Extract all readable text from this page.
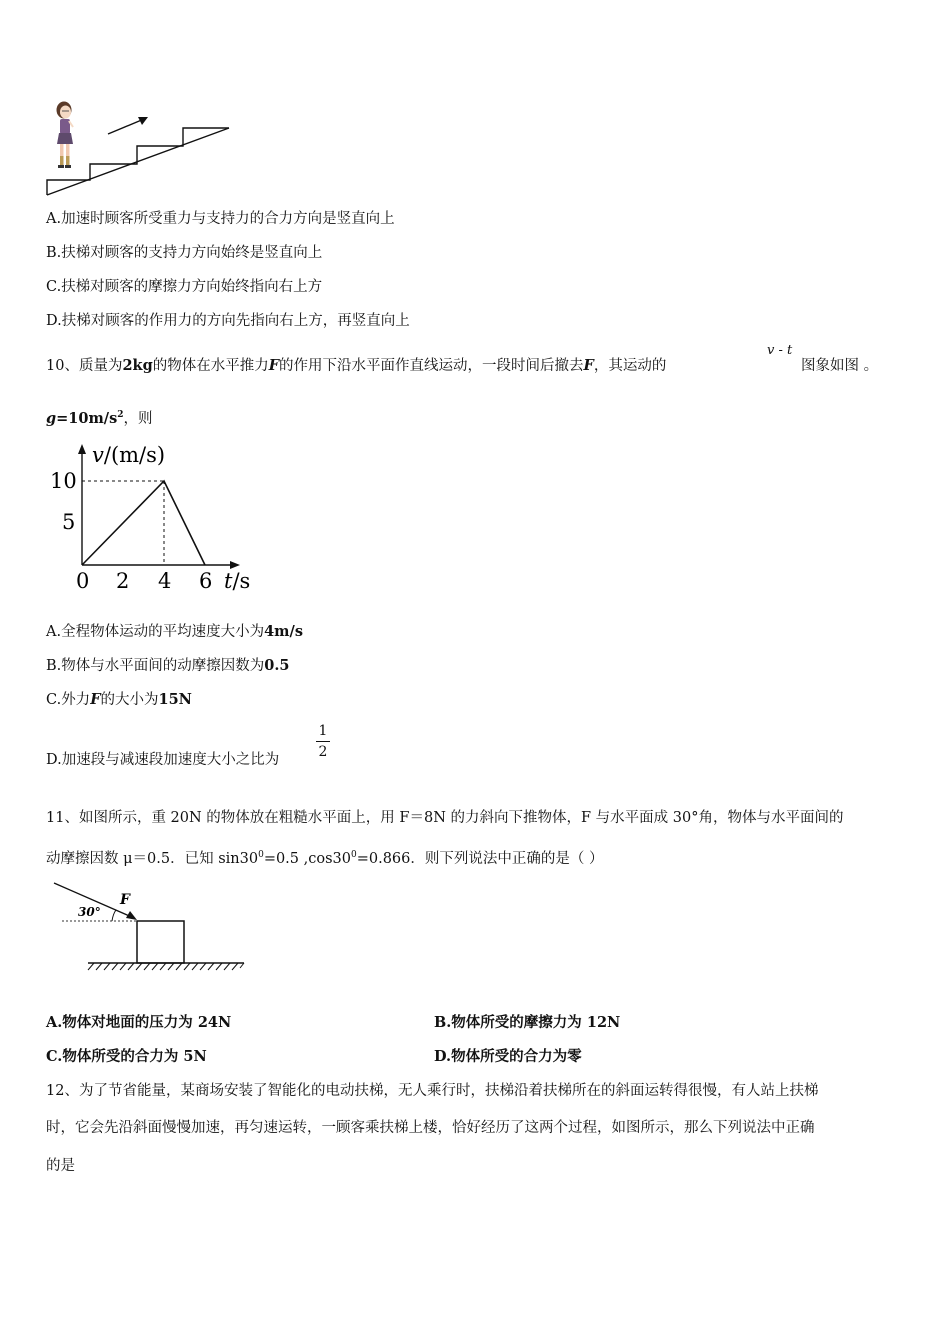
A.加速时顾客所受重力与支持力的合力方向是竖直向上
B.扶梯对顾客的支持力方向始终是竖直向上
C.扶梯对顾客的摩擦力方向始终指向右上方
D.扶梯对顾客的作用力的方向先指向右上方，再竖直向上
10、质量为2kg的物体在水平推力F的作用下沿水平面作直线运动，一段时间后撤去F，其运动的
v - t
图象如图 。
$g=10m/s^2$，则
v/(m/s)
t/s
10
5
0 2 4 6
A.全程物体运动的平均速度大小为4m/s
B.物体与水平面间的动摩擦因数为0.5
C.外力F的大小为15N
D.加速段与减速段加速度大小之比为
1
2
11、如图所示，重 20N 的物体放在粗糙水平面上，用 F＝8N 的力斜向下推物体，F 与水平面成 30°角，物体与水平面间的
动摩擦因数 μ＝0.5．已知 $\sin 30^0=0.5$ $,\cos 30^0=0.866$．则下列说法中正确的是（ ）
30°
F
A.物体对地面的压力为 24N	B.物体所受的摩擦力为 12N
C.物体所受的合力为 5N	D.物体所受的合力为零
12、为了节省能量，某商场安装了智能化的电动扶梯，无人乘行时，扶梯沿着扶梯所在的斜面运转得很慢，有人站上扶梯
时，它会先沿斜面慢慢加速，再匀速运转，一顾客乘扶梯上楼，恰好经历了这两个过程，如图所示，那么下列说法中正确
的是
